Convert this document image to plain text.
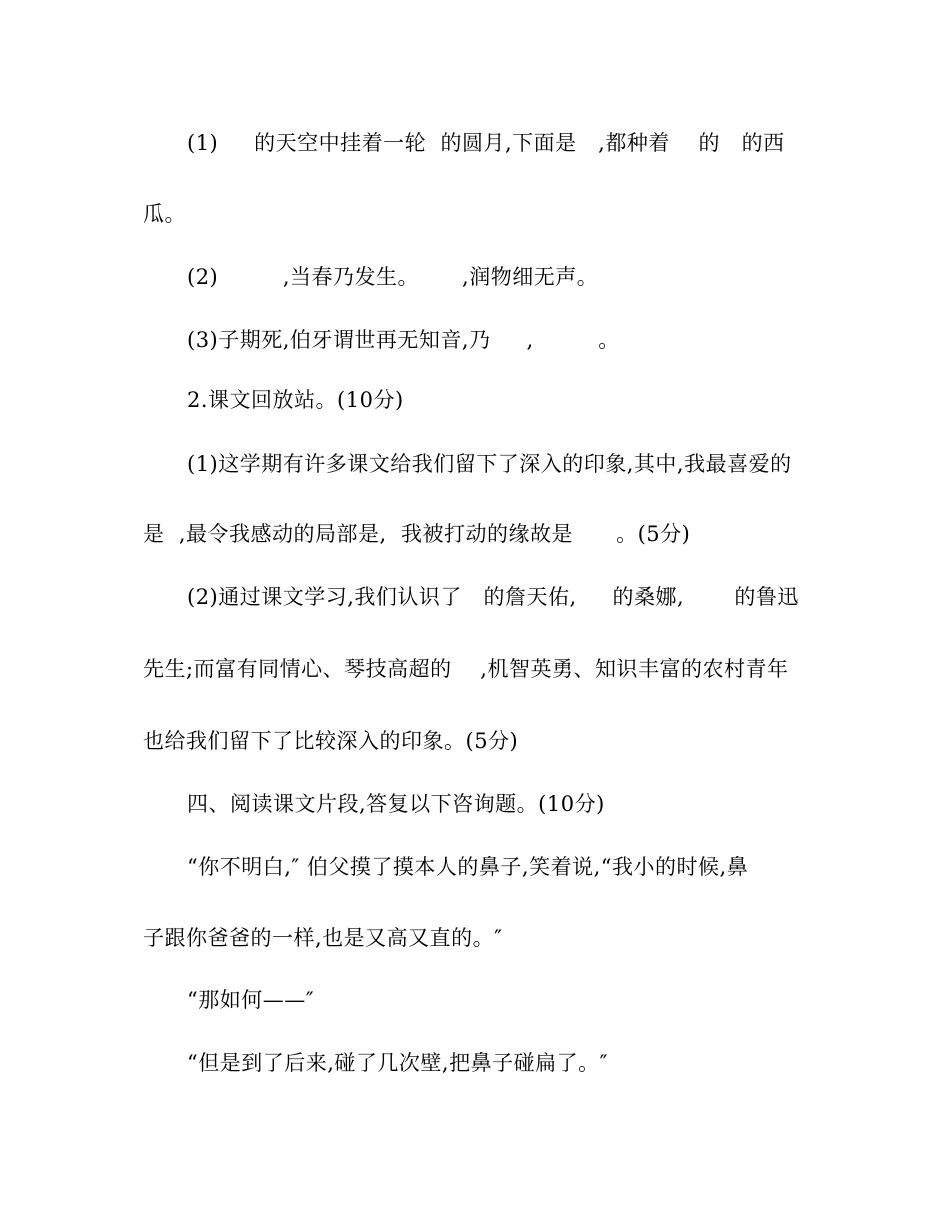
(1)     的天空中挂着一轮  的圆月,下面是   ,都种着    的   的西
瓜。
(2)         ,当春乃发生。      ,润物细无声。
(3)子期死,伯牙谓世再无知音,乃     ,         。
2.课文回放站。(10分)
(1)这学期有许多课文给我们留下了深入的印象,其中,我最喜爱的
是  ,最令我感动的局部是,  我被打动的缘故是      。(5分)
(2)通过课文学习,我们认识了   的詹天佑,     的桑娜,       的鲁迅
先生;而富有同情心、琴技高超的    ,机智英勇、知识丰富的农村青年
也给我们留下了比较深入的印象。(5分)
四、阅读课文片段,答复以下咨询题。(10分)
“你不明白,″ 伯父摸了摸本人的鼻子,笑着说,“我小的时候,鼻
子跟你爸爸的一样,也是又高又直的。″
“那如何——″
“但是到了后来,碰了几次壁,把鼻子碰扁了。″
